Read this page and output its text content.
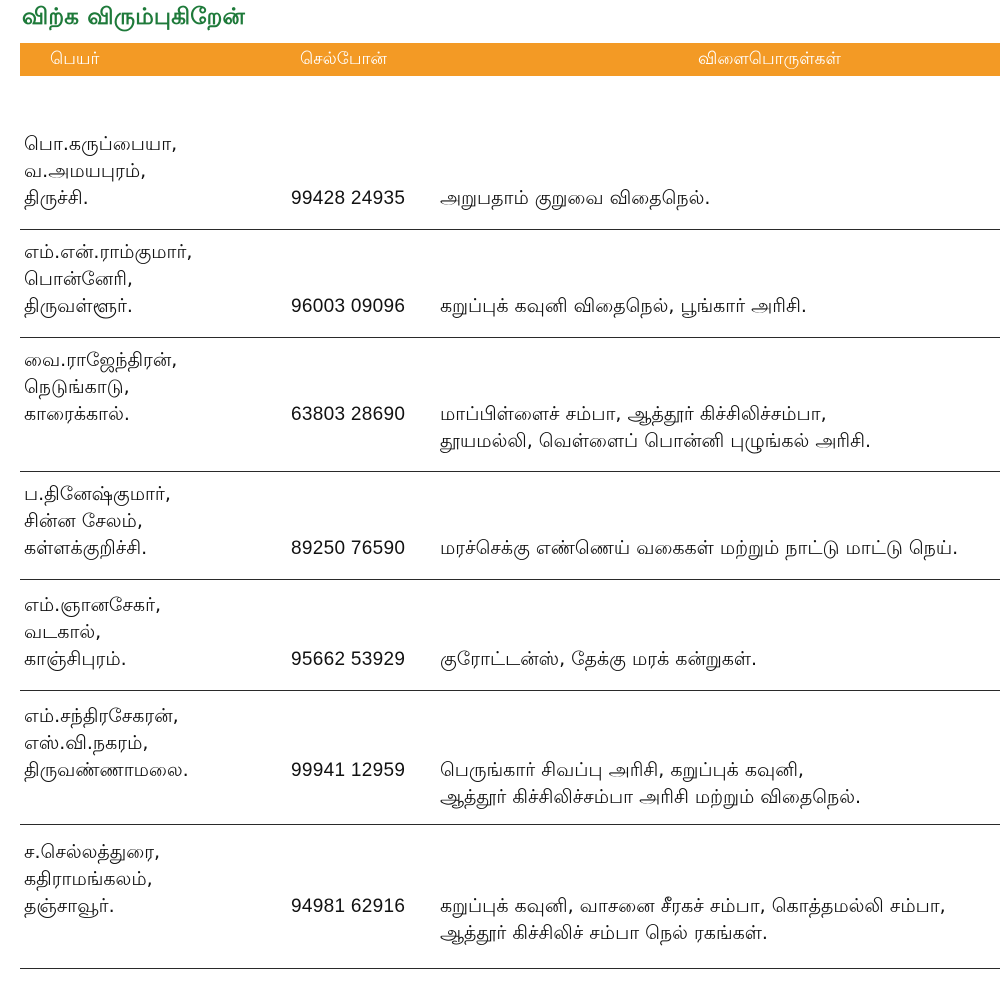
விற்க விரும்புகிறேன்
பெயர்	செல்போன்	விளைபொருள்கள்
பொ.கருப்பையா,
வ.அமயபுரம்,
திருச்சி.	99428 24935 அறுபதாம் குறுவை விதைநெல்.
எம்.என்.ராம்குமார்,
பொன்னேரி,
திருவள்ளூர்.	96003 09096 கறுப்புக் கவுனி விதைநெல், பூங்கார் அரிசி.
வை.ராஜேந்திரன்,
நெடுங்காடு,
காரைக்கால்.	63803 28690 மாப்பிள்ளைச் சம்பா, ஆத்தூர் கிச்சிலிச்சம்பா,
தூயமல்லி, வெள்ளைப் பொன்னி புழுங்கல் அரிசி.
ப.தினேஷ்குமார்,
சின்ன சேலம்,
கள்ளக்குறிச்சி.	89250 76590 மரச்செக்கு எண்ணெய் வகைகள் மற்றும் நாட்டு மாட்டு நெய்.
எம்.ஞானசேகர்,
வடகால்,
காஞ்சிபுரம்.	95662 53929 குரோட்டன்ஸ், தேக்கு மரக் கன்றுகள்.
எம்.சந்திரசேகரன்,
எஸ்.வி.நகரம்,
திருவண்ணாமலை.	99941 12959 பெருங்கார் சிவப்பு அரிசி, கறுப்புக் கவுனி,
ஆத்தூர் கிச்சிலிச்சம்பா அரிசி மற்றும் விதைநெல்.
ச.செல்லத்துரை,
கதிராமங்கலம்,
தஞ்சாவூர்.	94981 62916 கறுப்புக் கவுனி, வாசனை சீரகச் சம்பா, கொத்தமல்லி சம்பா,
ஆத்தூர் கிச்சிலிச் சம்பா நெல் ரகங்கள்.
